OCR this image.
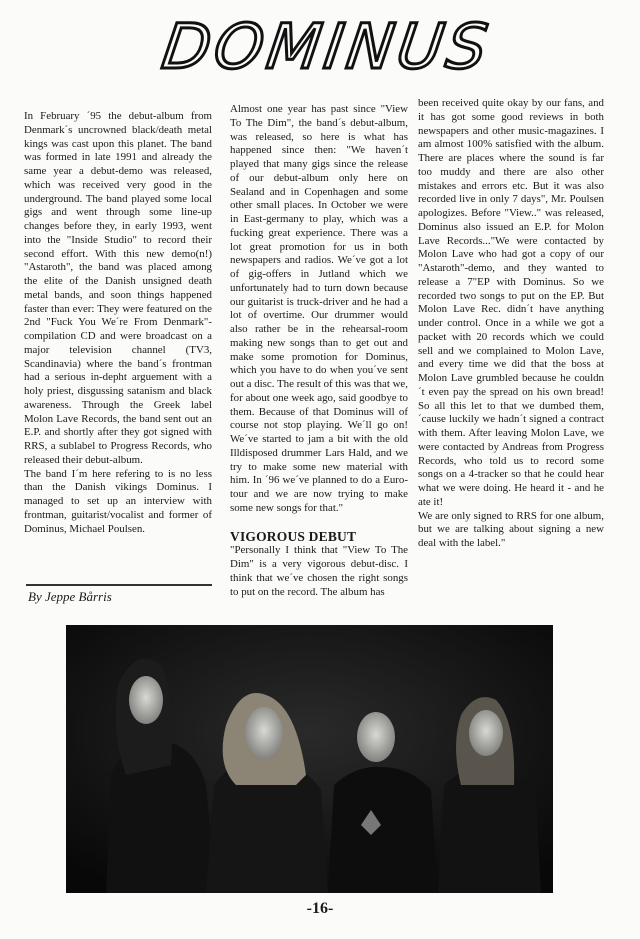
DOMINUS

In February ´95 the debut-album from Denmark´s uncrowned black/death metal kings was cast upon this planet. The band was formed in late 1991 and already the same year a debut-demo was released, which was received very good in the underground. The band played some local gigs and went through some line-up changes before they, in early 1993, went into the "Inside Studio" to record their second effort. With this new demo(n!) "Astaroth", the band was placed among the elite of the Danish unsigned death metal bands, and soon things happened faster than ever: They were featured on the 2nd "Fuck You We´re From Denmark"-compilation CD and were broadcast on a major television channel (TV3, Scandinavia) where the band´s frontman had a serious in-depht arguement with a holy priest, disgussing satanism and black awareness. Through the Greek label Molon Lave Records, the band sent out an E.P. and shortly after they got signed with RRS, a sublabel to Progress Records, who released their debut-album.

The band I´m here refering to is no less than the Danish vikings Dominus. I managed to set up an interview with frontman, guitarist/vocalist and former of Dominus, Michael Poulsen.

By Jeppe Bårris

Almost one year has past since "View To The Dim", the band´s debut-album, was released, so here is what has happened since then: "We haven´t played that many gigs since the release of our debut-album only here on Sealand and in Copenhagen and some other small places. In October we were in East-germany to play, which was a fucking great experience. There was a lot great promotion for us in both newspapers and radios. We´ve got a lot of gig-offers in Jutland which we unfortunately had to turn down because our guitarist is truck-driver and he had a lot of overtime. Our drummer would also rather be in the rehearsal-room making new songs than to get out and make some promotion for Dominus, which you have to do when you´ve sent out a disc. The result of this was that we, for about one week ago, said goodbye to them. Because of that Dominus will of course not stop playing. We´ll go on! We´ve started to jam a bit with the old Illdisposed drummer Lars Hald, and we try to make some new material with him. In ´96 we´ve planned to do a Euro-tour and we are now trying to make some new songs for that."

VIGOROUS DEBUT

"Personally I think that "View To The Dim" is a very vigorous debut-disc. I think that we´ve chosen the right songs to put on the record. The album has

been received quite okay by our fans, and it has got some good reviews in both newspapers and other music-magazines. I am almost 100% satisfied with the album. There are places where the sound is far too muddy and there are also other mistakes and errors etc. But it was also recorded live in only 7 days", Mr. Poulsen apologizes. Before "View.." was released, Dominus also issued an E.P. for Molon Lave Records..."We were contacted by Molon Lave who had got a copy of our "Astaroth"-demo, and they wanted to release a 7"EP with Dominus. So we recorded two songs to put on the EP. But Molon Lave Rec. didn´t have anything under control. Once in a while we got a packet with 20 records which we could sell and we complained to Molon Lave, and every time we did that the boss at Molon Lave grumbled because he couldn´t even pay the spread on his own bread! So all this let to that we dumbed them, ´cause luckily we hadn´t signed a contract with them. After leaving Molon Lave, we were contacted by Andreas from Progress Records, who told us to record some songs on a 4-tracker so that he could hear what we were doing. He heard it - and he ate it!

We are only signed to RRS for one album, but we are talking about signing a new deal with the label."

-16-
